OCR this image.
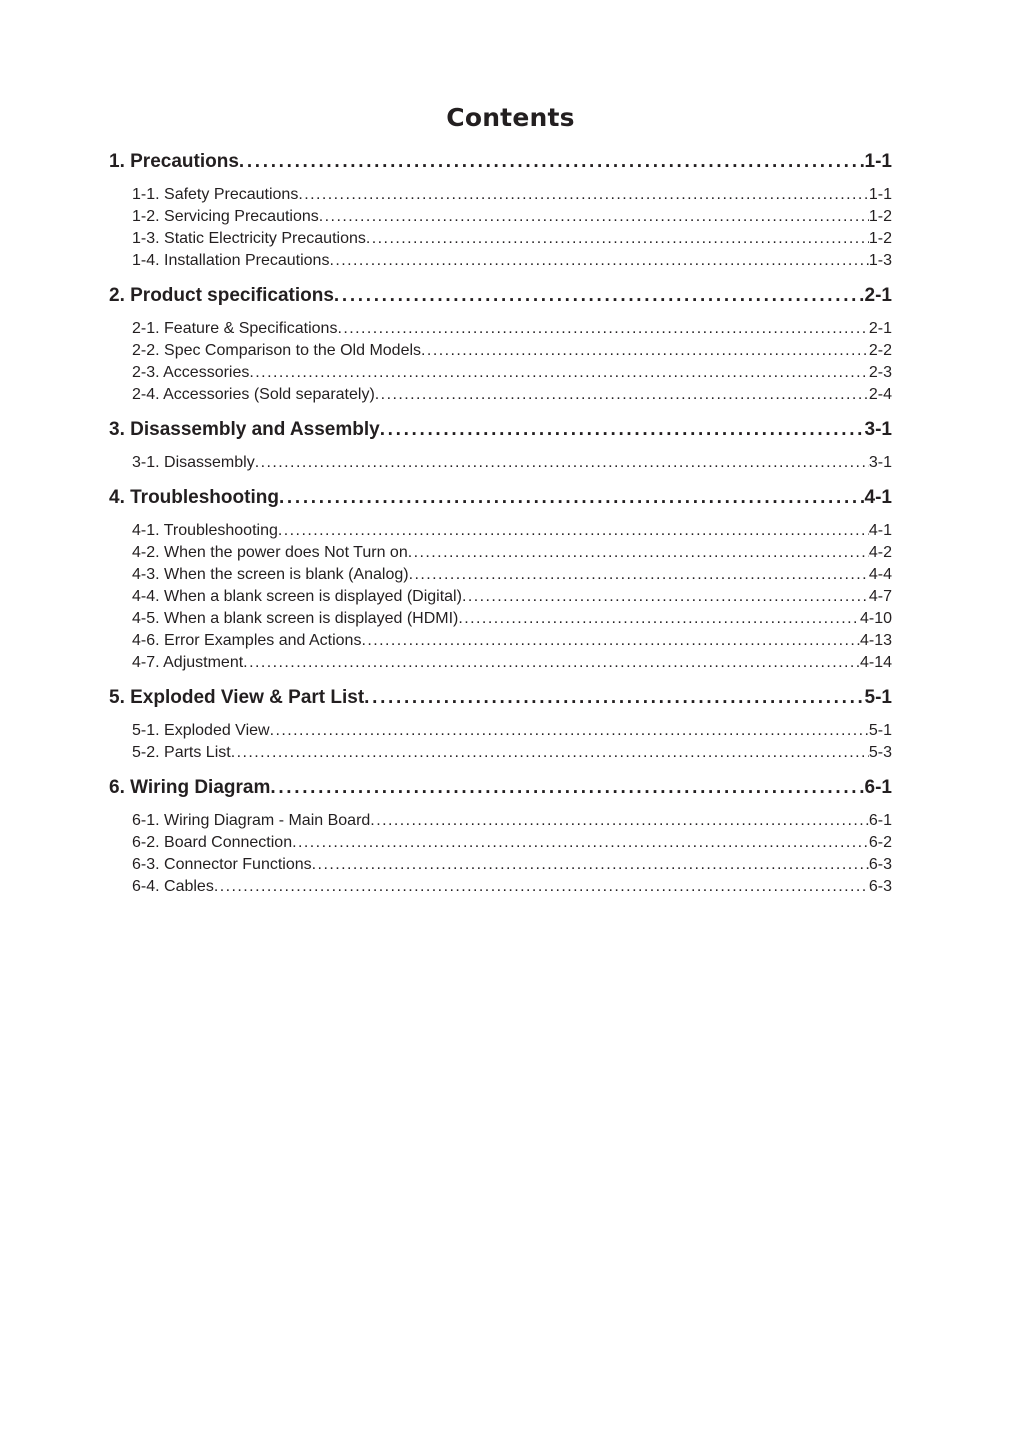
Contents
1. Precautions . . .	1-1
1-1. Safety Precautions . . .	1-1
1-2. Servicing Precautions . . .	1-2
1-3. Static Electricity Precautions . . .	1-2
1-4. Installation Precautions . . .	1-3
2. Product specifications . . .	2-1
2-1. Feature & Specifications . . .	2-1
2-2. Spec Comparison to the Old Models . . .	2-2
2-3. Accessories . . .	2-3
2-4. Accessories (Sold separately) . . .	2-4
3. Disassembly and Assembly . . .	3-1
3-1. Disassembly . . .	3-1
4. Troubleshooting . . .	4-1
4-1. Troubleshooting . . .	4-1
4-2. When the power does Not Turn on . . .	4-2
4-3. When the screen is blank (Analog) . . .	4-4
4-4. When a blank screen is displayed (Digital) . . .	4-7
4-5. When a blank screen is displayed (HDMI) . . .	4-10
4-6. Error Examples and Actions . . .	4-13
4-7. Adjustment . . .	4-14
5. Exploded View & Part List . . .	5-1
5-1. Exploded View . . .	5-1
5-2. Parts List . . .	5-3
6. Wiring Diagram . . .	6-1
6-1. Wiring Diagram - Main Board . . .	6-1
6-2. Board Connection . . .	6-2
6-3. Connector Functions . . .	6-3
6-4. Cables . . .	6-3
